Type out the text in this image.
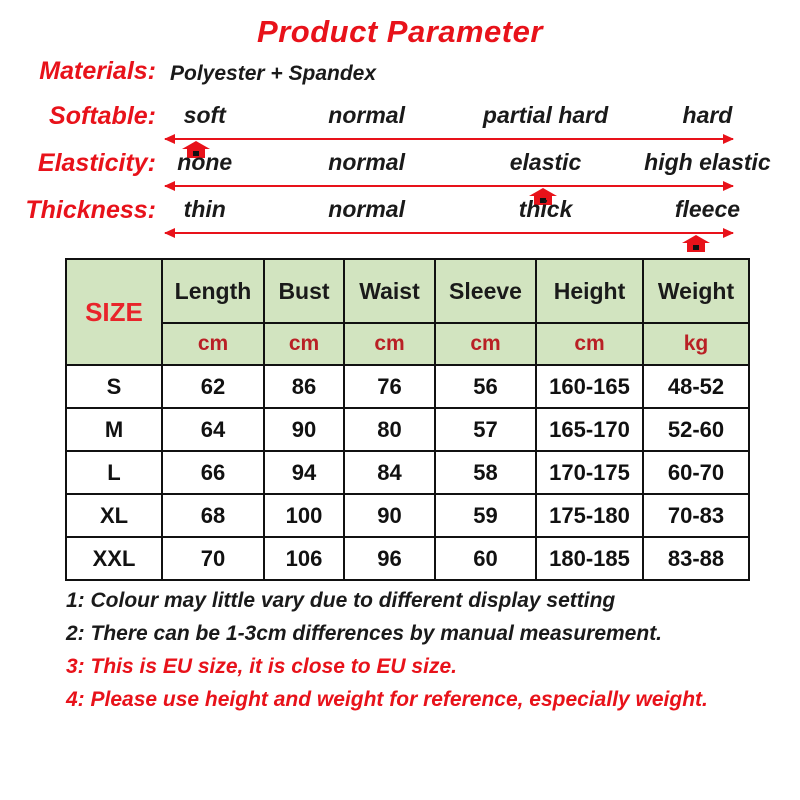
Product Parameter
Materials: Polyester + Spandex
Softable: soft	normal	partial hard	hard
Elasticity: none	normal	elastic	high elastic
Thickness: thin	normal	thick	fleece
SIZE	Length	Bust	Waist	Sleeve	Height	Weight
	cm	cm	cm	cm	cm	kg
S	62	86	76	56	160-165	48-52
M	64	90	80	57	165-170	52-60
L	66	94	84	58	170-175	60-70
XL	68	100	90	59	175-180	70-83
XXL	70	106	96	60	180-185	83-88
1: Colour may little vary due to different display setting
2: There can be 1-3cm differences by manual measurement.
3: This is EU size, it is close to EU size.
4: Please use height and weight for reference, especially weight.
